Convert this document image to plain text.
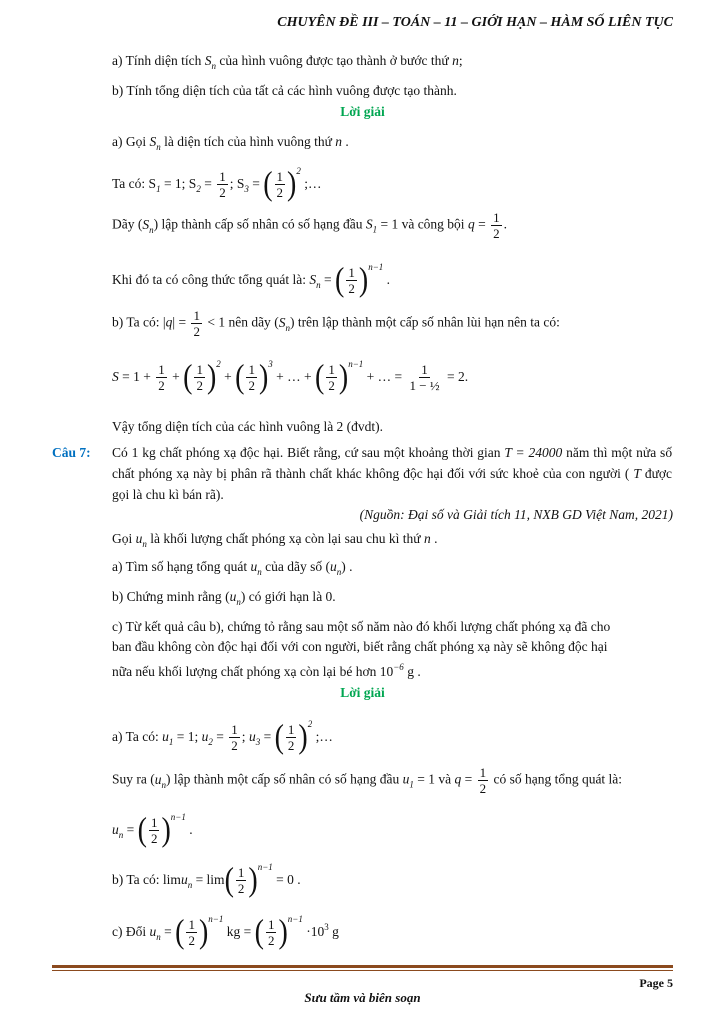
CHUYÊN ĐỀ III – TOÁN – 11 – GIỚI HẠN – HÀM SỐ LIÊN TỤC
a) Tính diện tích $S_n$ của hình vuông được tạo thành ở bước thứ n;
b) Tính tổng diện tích của tất cả các hình vuông được tạo thành.
Lời giải
a) Gọi $S_n$ là diện tích của hình vuông thứ n .
Ta có: $S_1 = 1$; $S_2 = \frac{1}{2}$ ; $S_3$ = ( $\frac{1}{2} )^2$ ;…
Dãy $(S_n)$ lập thành cấp số nhân có số hạng đầu $S_1 = 1$ và công bội $q = \frac{1}{2}$ .
Khi đó ta có công thức tổng quát là: $S_n$ = ( $\frac{1}{2} )^{n-1}$ .
b) Ta có: $|q| = \frac{1}{2} < 1$ nên dãy $(S_n)$ trên lập thành một cấp số nhân lùi hạn nên ta có:
$S = 1 + \frac{1}{2}$ + ( $\frac{1}{2} )^2$ + ( $\frac{1}{2} )^3$ + … + ( $\frac{1}{2} )^{n-1}$ + … = $\frac{1}{\text{1 − ½}} = 2$.
Vậy tổng diện tích của các hình vuông là 2 (đvdt).
Câu 7: Có 1 kg chất phóng xạ độc hại. Biết rằng, cứ sau một khoảng thời gian T = 24000 năm thì một nửa số chất phóng xạ này bị phân rã thành chất khác không độc hại đối với sức khoẻ của con người ( T được gọi là chu kì bán rã).
(Nguồn: Đại số và Giải tích 11, NXB GD Việt Nam, 2021)
Gọi $u_n$ là khối lượng chất phóng xạ còn lại sau chu kì thứ n .
a) Tìm số hạng tổng quát $u_n$ của dãy số $(u_n)$ .
b) Chứng minh rằng $(u_n)$ có giới hạn là 0.
c) Từ kết quả câu b), chứng tỏ rằng sau một số năm nào đó khối lượng chất phóng xạ đã cho
ban đầu không còn độc hại đối với con người, biết rằng chất phóng xạ này sẽ không độc hại
nữa nếu khối lượng chất phóng xạ còn lại bé hơn $10^{-6}$ g .
Lời giải
a) Ta có: $u_1 = 1$; $u_2 = \frac{1}{2}$ ; $u_3$ = ( $\frac{1}{2} )^2$ ;…
Suy ra $(u_n)$ lập thành một cấp số nhân có số hạng đầu $u_1 = 1$ và $q = \frac{1}{2}$ có số hạng tổng quát là:
$u_n$ = ( $\frac{1}{2} )^{n-1}$ .
b) Ta có: $\lim u_n = \lim( \frac{1}{2} )^{n-1} = 0$ .
c) Đổi $u_n$ = ( $\frac{1}{2} )^{n-1}$ kg = ( $\frac{1}{2} )^{n-1} \cdot 10^3$ g
Page 5
Sưu tầm và biên soạn
